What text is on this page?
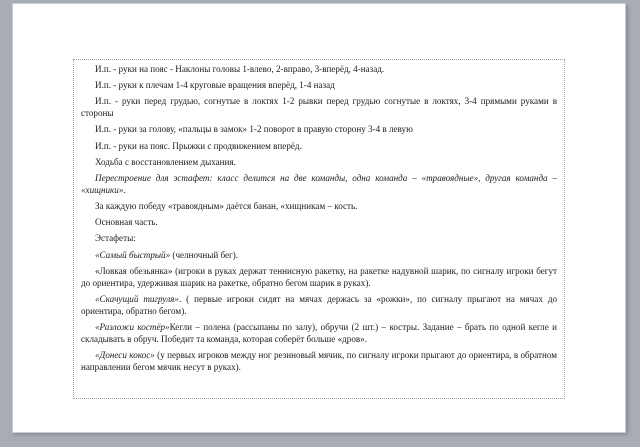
И.п. - руки на пояс - Наклоны головы 1-влево, 2-вправо, 3-вперёд, 4-назад.

И.п. - руки к плечам 1-4 круговые вращения вперёд, 1-4 назад

И.п. - руки перед грудью, согнутые в локтях 1-2 рывки перед грудью согнутые в локтях, 3-4 прямыми руками в стороны

И.п. - руки за голову, «пальцы в замок» 1-2 поворот в правую сторону 3-4 в левую

И.п. - руки на пояс. Прыжки с продвижением вперёд.

Ходьба с восстановлением дыхания.

Перестроение для эстафет: класс делится на две команды, одна команда – «травоядные», другая команда – «хищники».

За каждую победу «травоядным» даётся банан, «хищникам – кость.

Основная часть.

Эстафеты:

«Самый быстрый» (челночный бег).

«Ловкая обезьянка» (игроки в руках держат теннисную ракетку, на ракетке надувной шарик, по сигналу игроки бегут до ориентира, удерживая шарик на ракетке, обратно бегом шарик в руках).

«Скачущий тигруля». ( первые игроки сидят на мячах держась за «рожки», по сигналу прыгают на мячах до ориентира, обратно бегом).

«Разложи костёр»Кегли – полена (рассыпаны по залу), обручи (2 шт.) – костры. Задание – брать по одной кегле и складывать в обруч. Победит та команда, которая соберёт больше «дров».

«Донеси кокос» (у первых игроков между ног резиновый мячик, по сигналу игроки прыгают до ориентира, в обратном направлении бегом мячик несут в руках).
